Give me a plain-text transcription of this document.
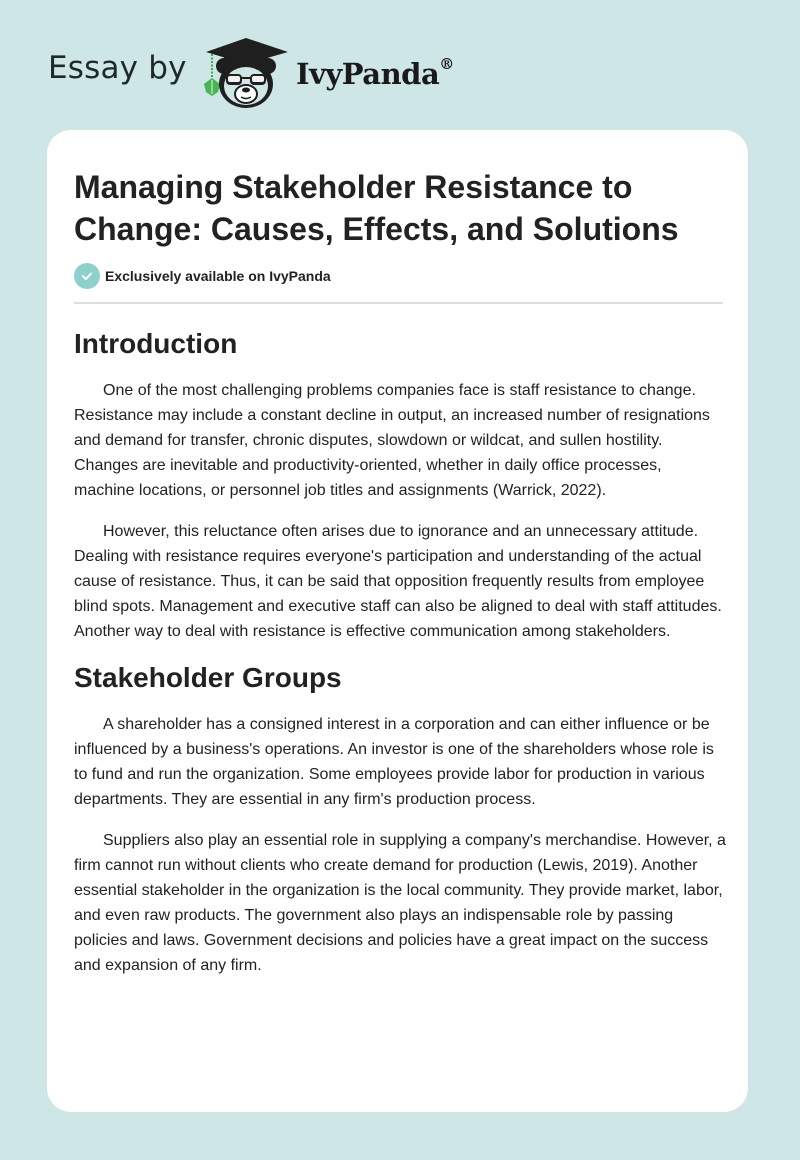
Essay by	IvyPanda®
Managing Stakeholder Resistance to Change: Causes, Effects, and Solutions
Exclusively available on IvyPanda
Introduction

One of the most challenging problems companies face is staff resistance to change. Resistance may include a constant decline in output, an increased number of resignations and demand for transfer, chronic disputes, slowdown or wildcat, and sullen hostility. Changes are inevitable and productivity-oriented, whether in daily office processes, machine locations, or personnel job titles and assignments (Warrick, 2022).

However, this reluctance often arises due to ignorance and an unnecessary attitude. Dealing with resistance requires everyone's participation and understanding of the actual cause of resistance. Thus, it can be said that opposition frequently results from employee blind spots. Management and executive staff can also be aligned to deal with staff attitudes. Another way to deal with resistance is effective communication among stakeholders.

Stakeholder Groups

A shareholder has a consigned interest in a corporation and can either influence or be influenced by a business's operations. An investor is one of the shareholders whose role is to fund and run the organization. Some employees provide labor for production in various departments. They are essential in any firm's production process.

Suppliers also play an essential role in supplying a company's merchandise. However, a firm cannot run without clients who create demand for production (Lewis, 2019). Another essential stakeholder in the organization is the local community. They provide market, labor, and even raw products. The government also plays an indispensable role by passing policies and laws. Government decisions and policies have a great impact on the success and expansion of any firm.
